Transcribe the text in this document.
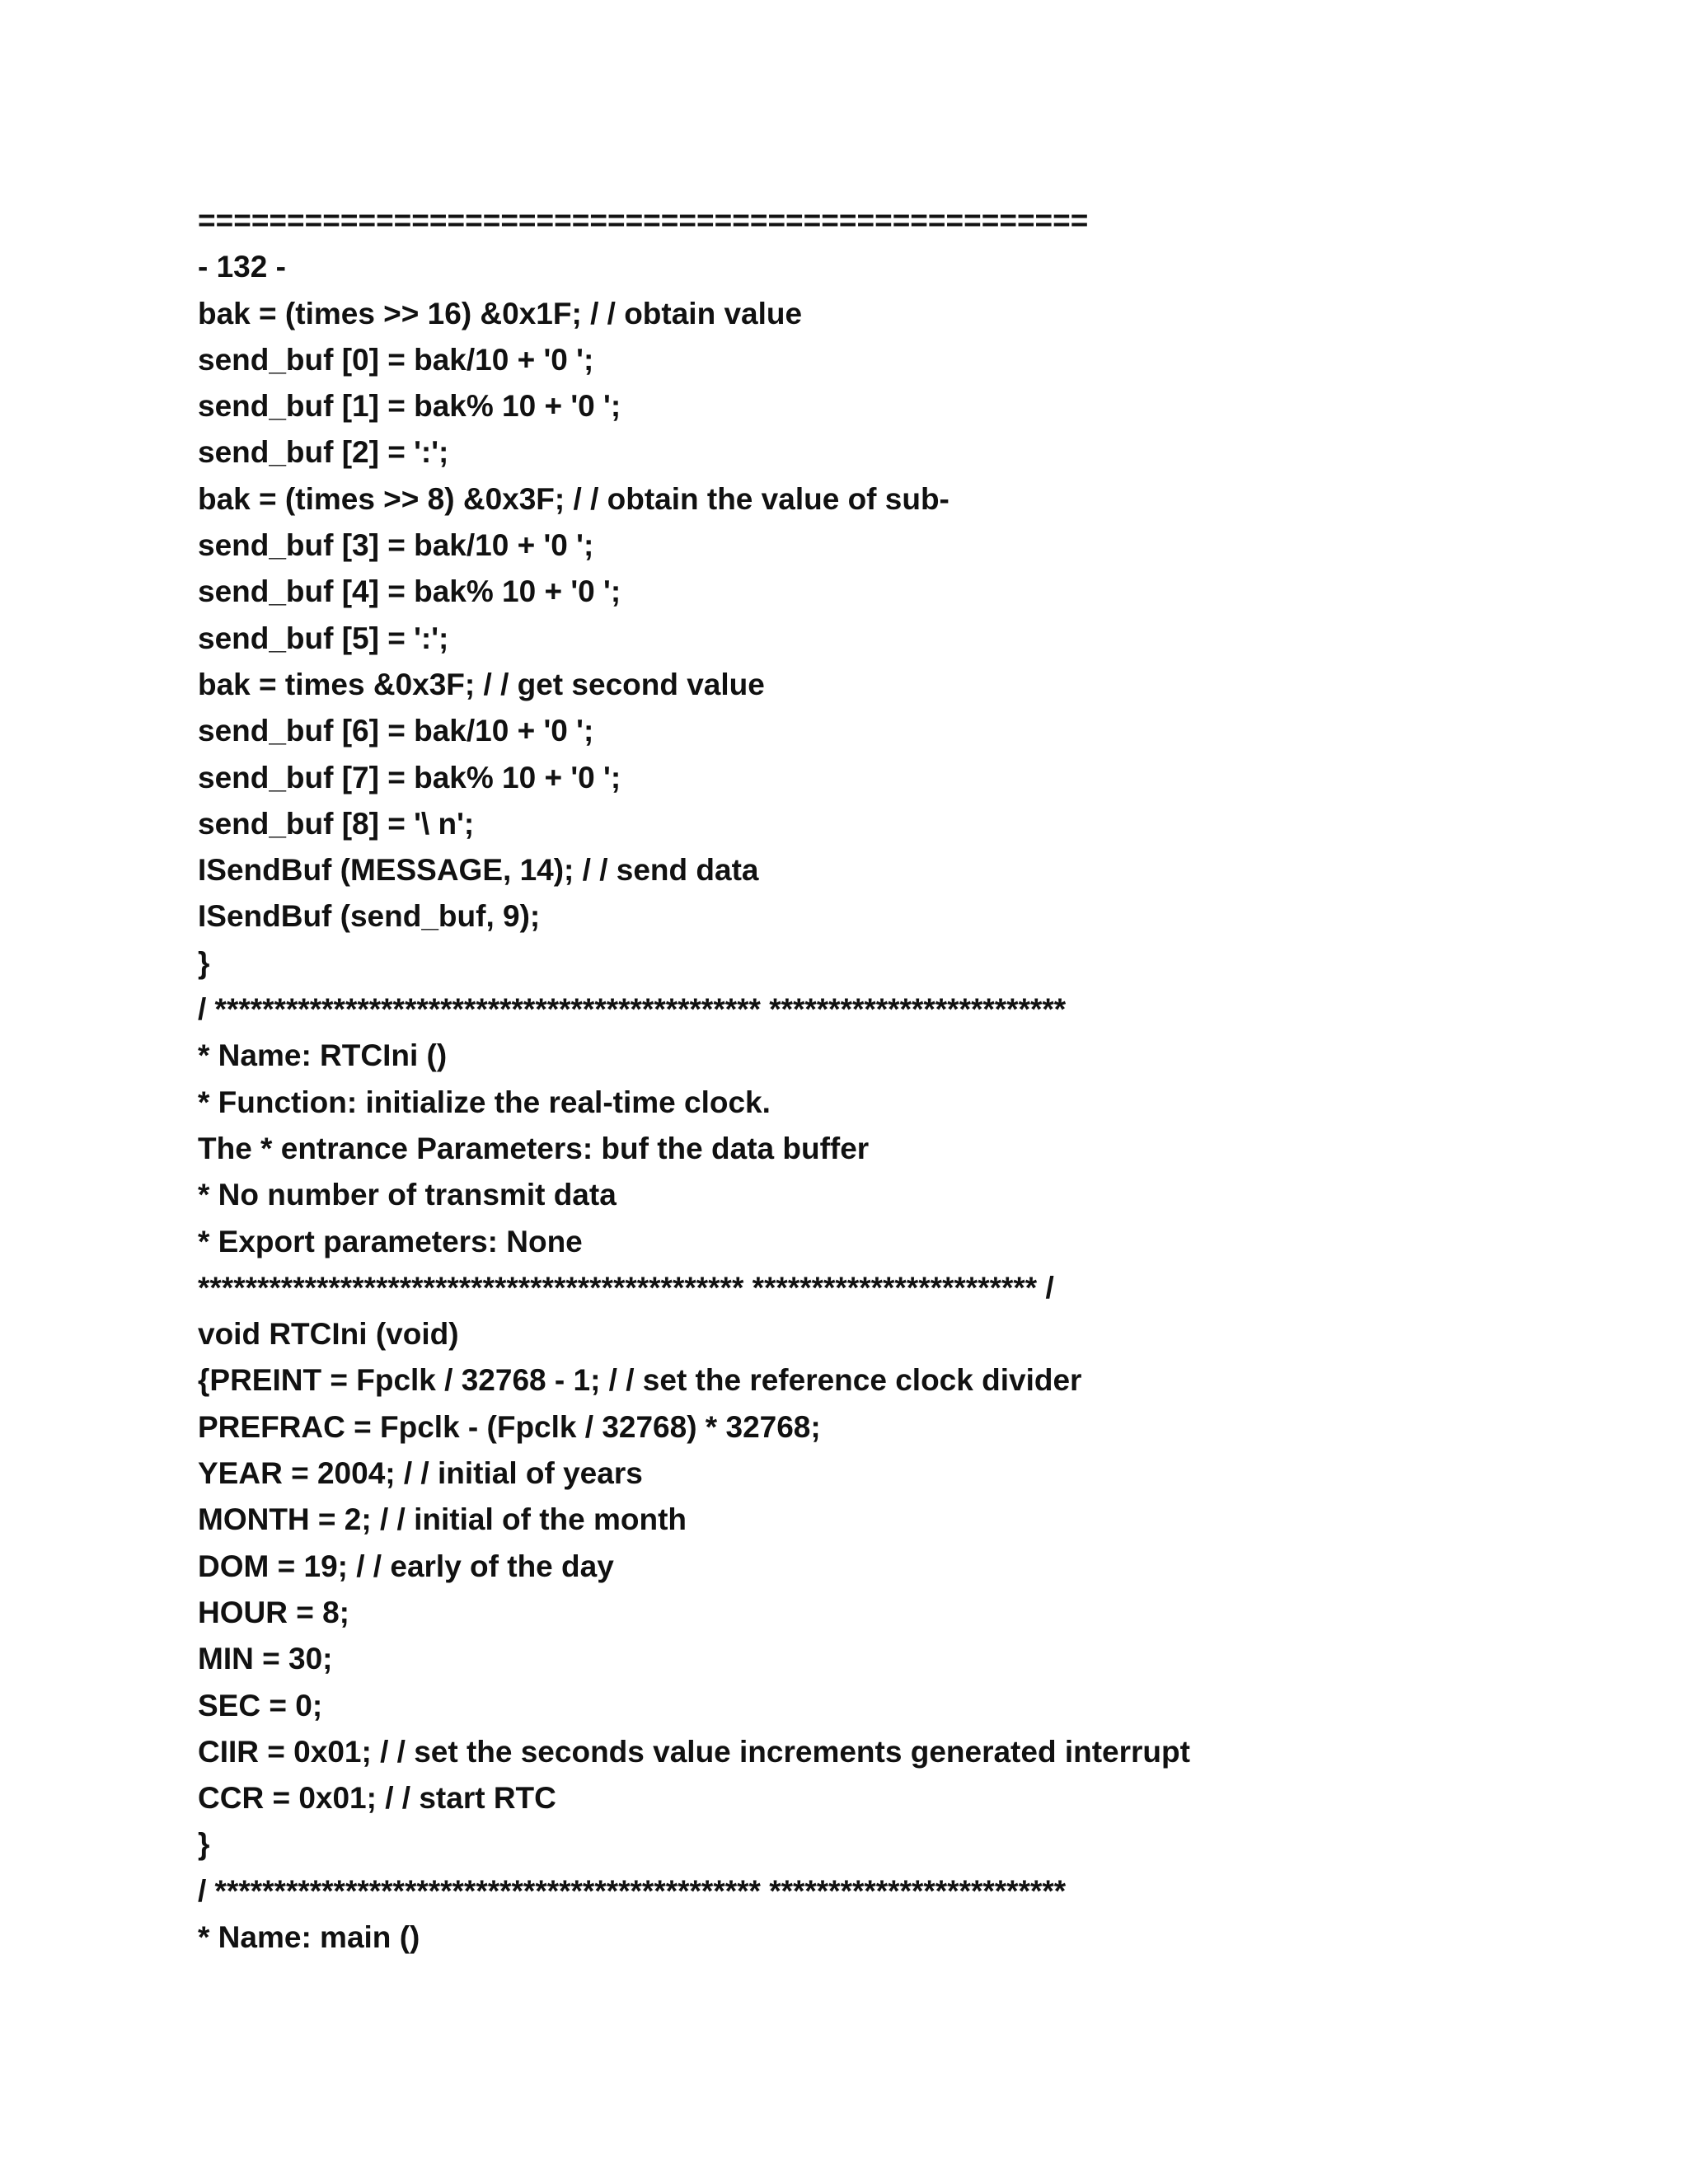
==================================================
- 132 -
bak = (times >> 16) &0x1F; / / obtain value
send_buf [0] = bak/10 + '0 ';
send_buf [1] = bak% 10 + '0 ';
send_buf [2] = ':';
bak = (times >> 8) &0x3F; / / obtain the value of sub-
send_buf [3] = bak/10 + '0 ';
send_buf [4] = bak% 10 + '0 ';
send_buf [5] = ':';
bak = times &0x3F; / / get second value
send_buf [6] = bak/10 + '0 ';
send_buf [7] = bak% 10 + '0 ';
send_buf [8] = '\ n';
ISendBuf (MESSAGE, 14); / / send data
ISendBuf (send_buf, 9);
}
/ ********************************************** *************************
* Name: RTCIni ()
* Function: initialize the real-time clock.
The * entrance Parameters: buf the data buffer
* No number of transmit data
* Export parameters: None
********************************************** ************************ /
void RTCIni (void)
{PREINT = Fpclk / 32768 - 1; / / set the reference clock divider
PREFRAC = Fpclk - (Fpclk / 32768) * 32768;
YEAR = 2004; / / initial of years
MONTH = 2; / / initial of the month
DOM = 19; / / early of the day
HOUR = 8;
MIN = 30;
SEC = 0;
CIIR = 0x01; / / set the seconds value increments generated interrupt
CCR = 0x01; / / start RTC
}
/ ********************************************** *************************
* Name: main ()
